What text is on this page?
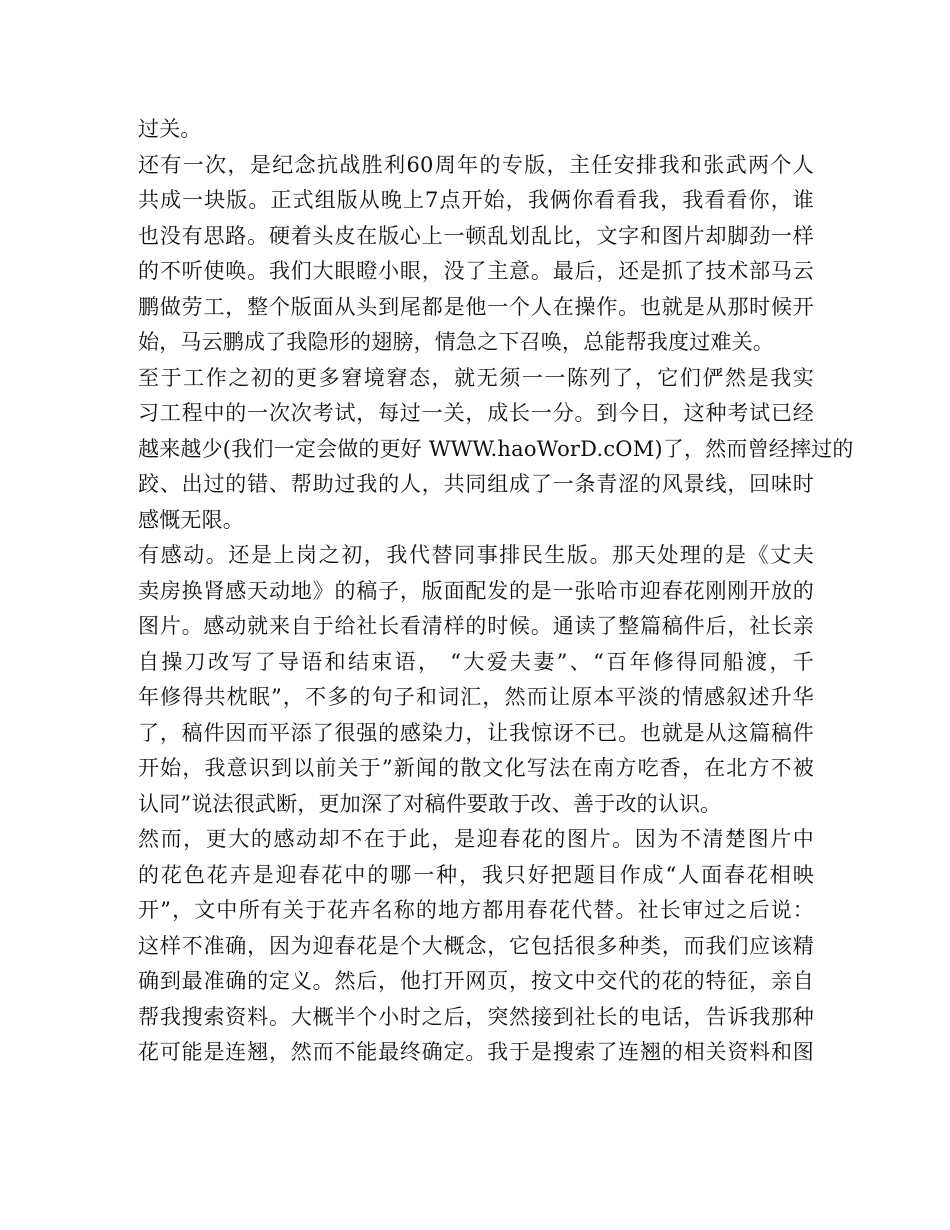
过关。
还有一次，是纪念抗战胜利60周年的专版，主任安排我和张武两个人
共成一块版。正式组版从晚上7点开始，我俩你看看我，我看看你，谁
也没有思路。硬着头皮在版心上一顿乱划乱比，文字和图片却脚劲一样
的不听使唤。我们大眼瞪小眼，没了主意。最后，还是抓了技术部马云
鹏做劳工，整个版面从头到尾都是他一个人在操作。也就是从那时候开
始，马云鹏成了我隐形的翅膀，情急之下召唤，总能帮我度过难关。
至于工作之初的更多窘境窘态，就无须一一陈列了，它们俨然是我实
习工程中的一次次考试，每过一关，成长一分。到今日，这种考试已经
越来越少(我们一定会做的更好 WWW.haoWorD.cOM)了，然而曾经摔过的
跤、出过的错、帮助过我的人，共同组成了一条青涩的风景线，回味时
感慨无限。
有感动。还是上岗之初，我代替同事排民生版。那天处理的是《丈夫
卖房换肾感天动地》的稿子，版面配发的是一张哈市迎春花刚刚开放的
图片。感动就来自于给社长看清样的时候。通读了整篇稿件后，社长亲
自操刀改写了导语和结束语， “大爱夫妻”、“百年修得同船渡，千
年修得共枕眠”，不多的句子和词汇，然而让原本平淡的情感叙述升华
了，稿件因而平添了很强的感染力，让我惊讶不已。也就是从这篇稿件
开始，我意识到以前关于”新闻的散文化写法在南方吃香，在北方不被
认同”说法很武断，更加深了对稿件要敢于改、善于改的认识。
然而，更大的感动却不在于此，是迎春花的图片。因为不清楚图片中
的花色花卉是迎春花中的哪一种，我只好把题目作成“人面春花相映
开”，文中所有关于花卉名称的地方都用春花代替。社长审过之后说：
这样不准确，因为迎春花是个大概念，它包括很多种类，而我们应该精
确到最准确的定义。然后，他打开网页，按文中交代的花的特征，亲自
帮我搜索资料。大概半个小时之后，突然接到社长的电话，告诉我那种
花可能是连翘，然而不能最终确定。我于是搜索了连翘的相关资料和图
